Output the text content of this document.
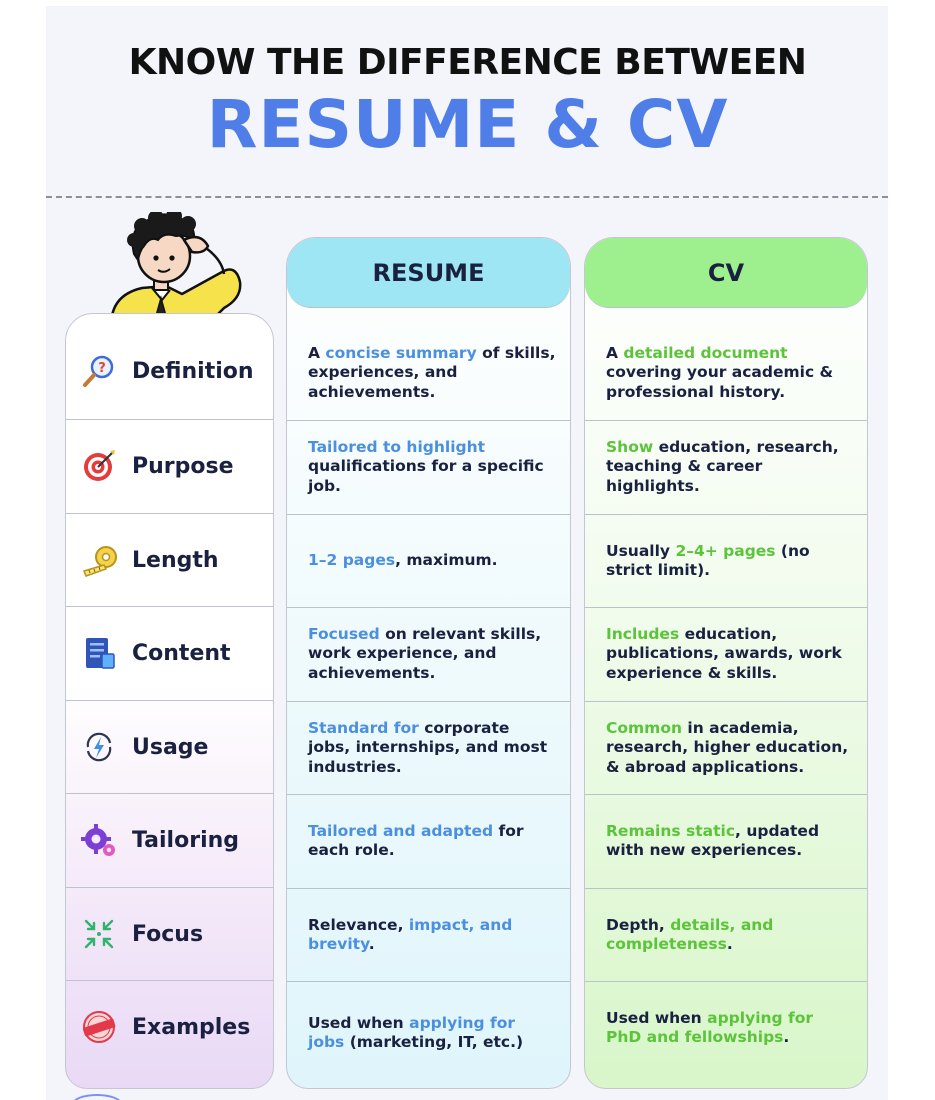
KNOW THE DIFFERENCE BETWEEN
RESUME & CV
? Definition
Purpose
Length
Content
Usage
Tailoring
Focus
Examples
RESUME
A concise summary of skills, experiences, and achievements.
Tailored to highlight qualifications for a specific job.
1–2 pages, maximum.
Focused on relevant skills, work experience, and achievements.
Standard for corporate jobs, internships, and most industries.
Tailored and adapted for each role.
Relevance, impact, and brevity.
Used when applying for jobs (marketing, IT, etc.)
CV
A detailed document covering your academic & professional history.
Show education, research, teaching & career highlights.
Usually 2–4+ pages (no strict limit).
Includes education, publications, awards, work experience & skills.
Common in academia, research, higher education, & abroad applications.
Remains static, updated with new experiences.
Depth, details, and completeness.
Used when applying for PhD and fellowships.
